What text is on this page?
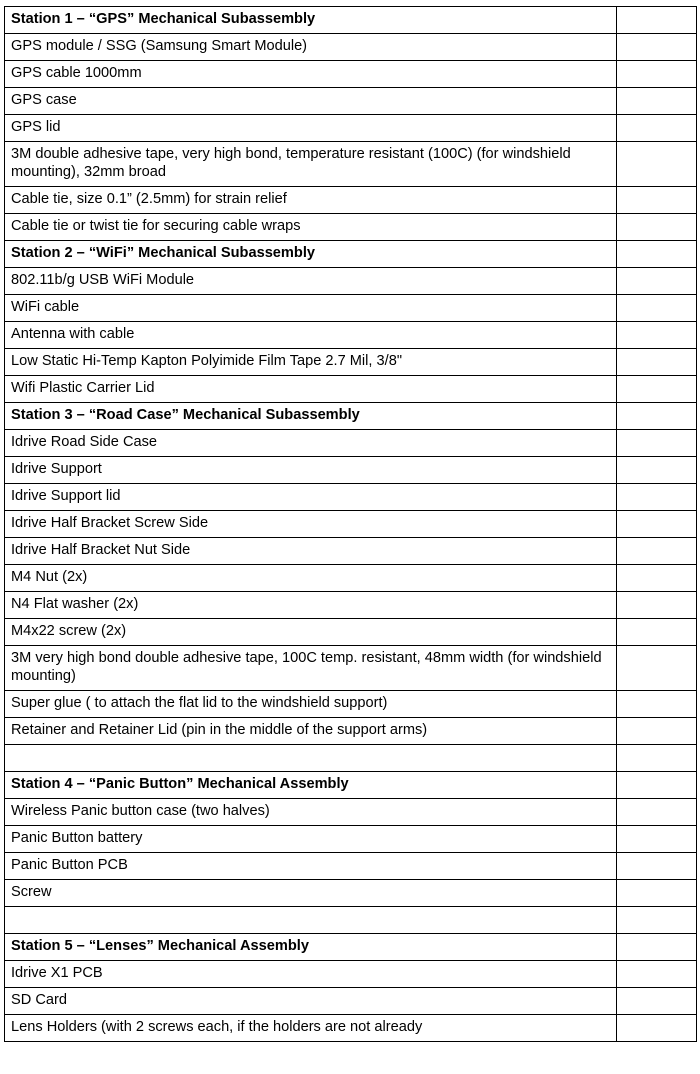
Station 1 – “GPS” Mechanical Subassembly	
GPS module / SSG (Samsung Smart Module)	
GPS cable 1000mm	
GPS case	
GPS lid	
3M double adhesive tape, very high bond, temperature resistant (100C) (for windshield mounting), 32mm broad	
Cable tie, size 0.1” (2.5mm) for strain relief	
Cable tie or twist tie for securing cable wraps	
Station 2 – “WiFi” Mechanical Subassembly	
802.11b/g USB WiFi Module	
WiFi cable	
Antenna with cable	
Low Static Hi-Temp Kapton Polyimide Film Tape 2.7 Mil, 3/8"	
Wifi Plastic Carrier Lid	
Station 3 – “Road Case” Mechanical Subassembly	
Idrive Road Side Case	
Idrive Support	
Idrive Support lid	
Idrive Half Bracket Screw Side	
Idrive Half Bracket Nut Side	
M4 Nut (2x)	
N4 Flat washer (2x)	
M4x22 screw (2x)	
3M very high bond double adhesive tape, 100C temp. resistant, 48mm width (for windshield mounting)	
Super glue ( to attach the flat lid to the windshield support)	
Retainer and Retainer Lid (pin in the middle of the support arms)	

Station 4 – “Panic Button” Mechanical Assembly	
Wireless Panic button case (two halves)	
Panic Button battery	
Panic Button PCB	
Screw	

Station 5 – “Lenses” Mechanical Assembly	
Idrive X1 PCB	
SD Card	
Lens Holders (with 2 screws each, if the holders are not already	
